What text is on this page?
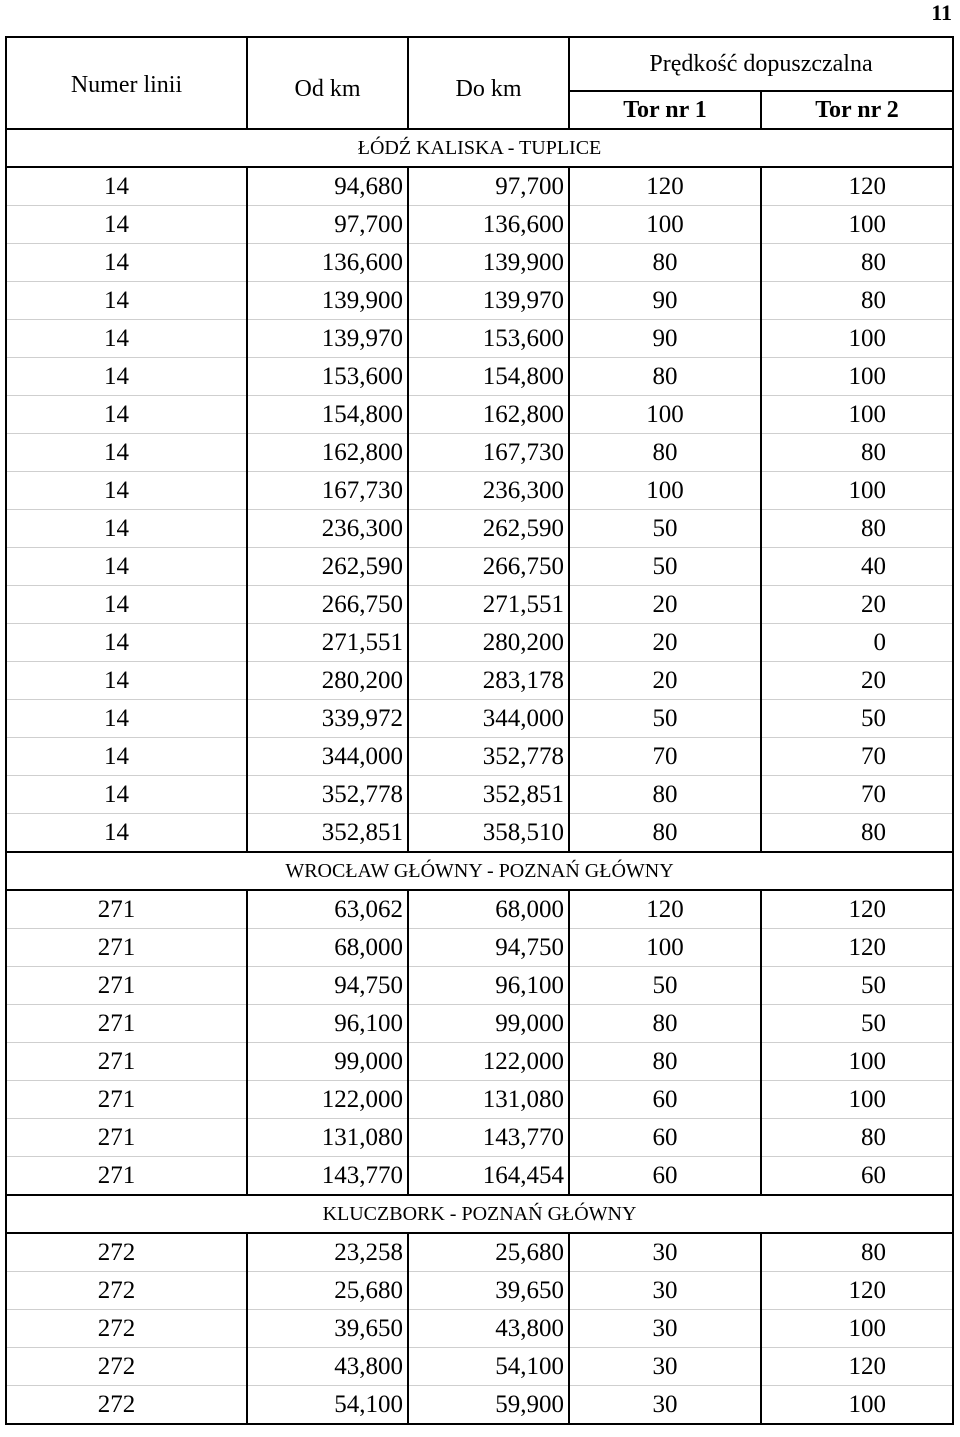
11
Numer linii	Od km	Do km	Prędkość dopuszczalna	
			Tor nr 1	Tor nr 2
ŁÓDŹ KALISKA - TUPLICE				
14	94,680	97,700	120	120
14	97,700	136,600	100	100
14	136,600	139,900	80	80
14	139,900	139,970	90	80
14	139,970	153,600	90	100
14	153,600	154,800	80	100
14	154,800	162,800	100	100
14	162,800	167,730	80	80
14	167,730	236,300	100	100
14	236,300	262,590	50	80
14	262,590	266,750	50	40
14	266,750	271,551	20	20
14	271,551	280,200	20	0
14	280,200	283,178	20	20
14	339,972	344,000	50	50
14	344,000	352,778	70	70
14	352,778	352,851	80	70
14	352,851	358,510	80	80
WROCŁAW GŁÓWNY - POZNAŃ GŁÓWNY				
271	63,062	68,000	120	120
271	68,000	94,750	100	120
271	94,750	96,100	50	50
271	96,100	99,000	80	50
271	99,000	122,000	80	100
271	122,000	131,080	60	100
271	131,080	143,770	60	80
271	143,770	164,454	60	60
KLUCZBORK - POZNAŃ GŁÓWNY				
272	23,258	25,680	30	80
272	25,680	39,650	30	120
272	39,650	43,800	30	100
272	43,800	54,100	30	120
272	54,100	59,900	30	100
